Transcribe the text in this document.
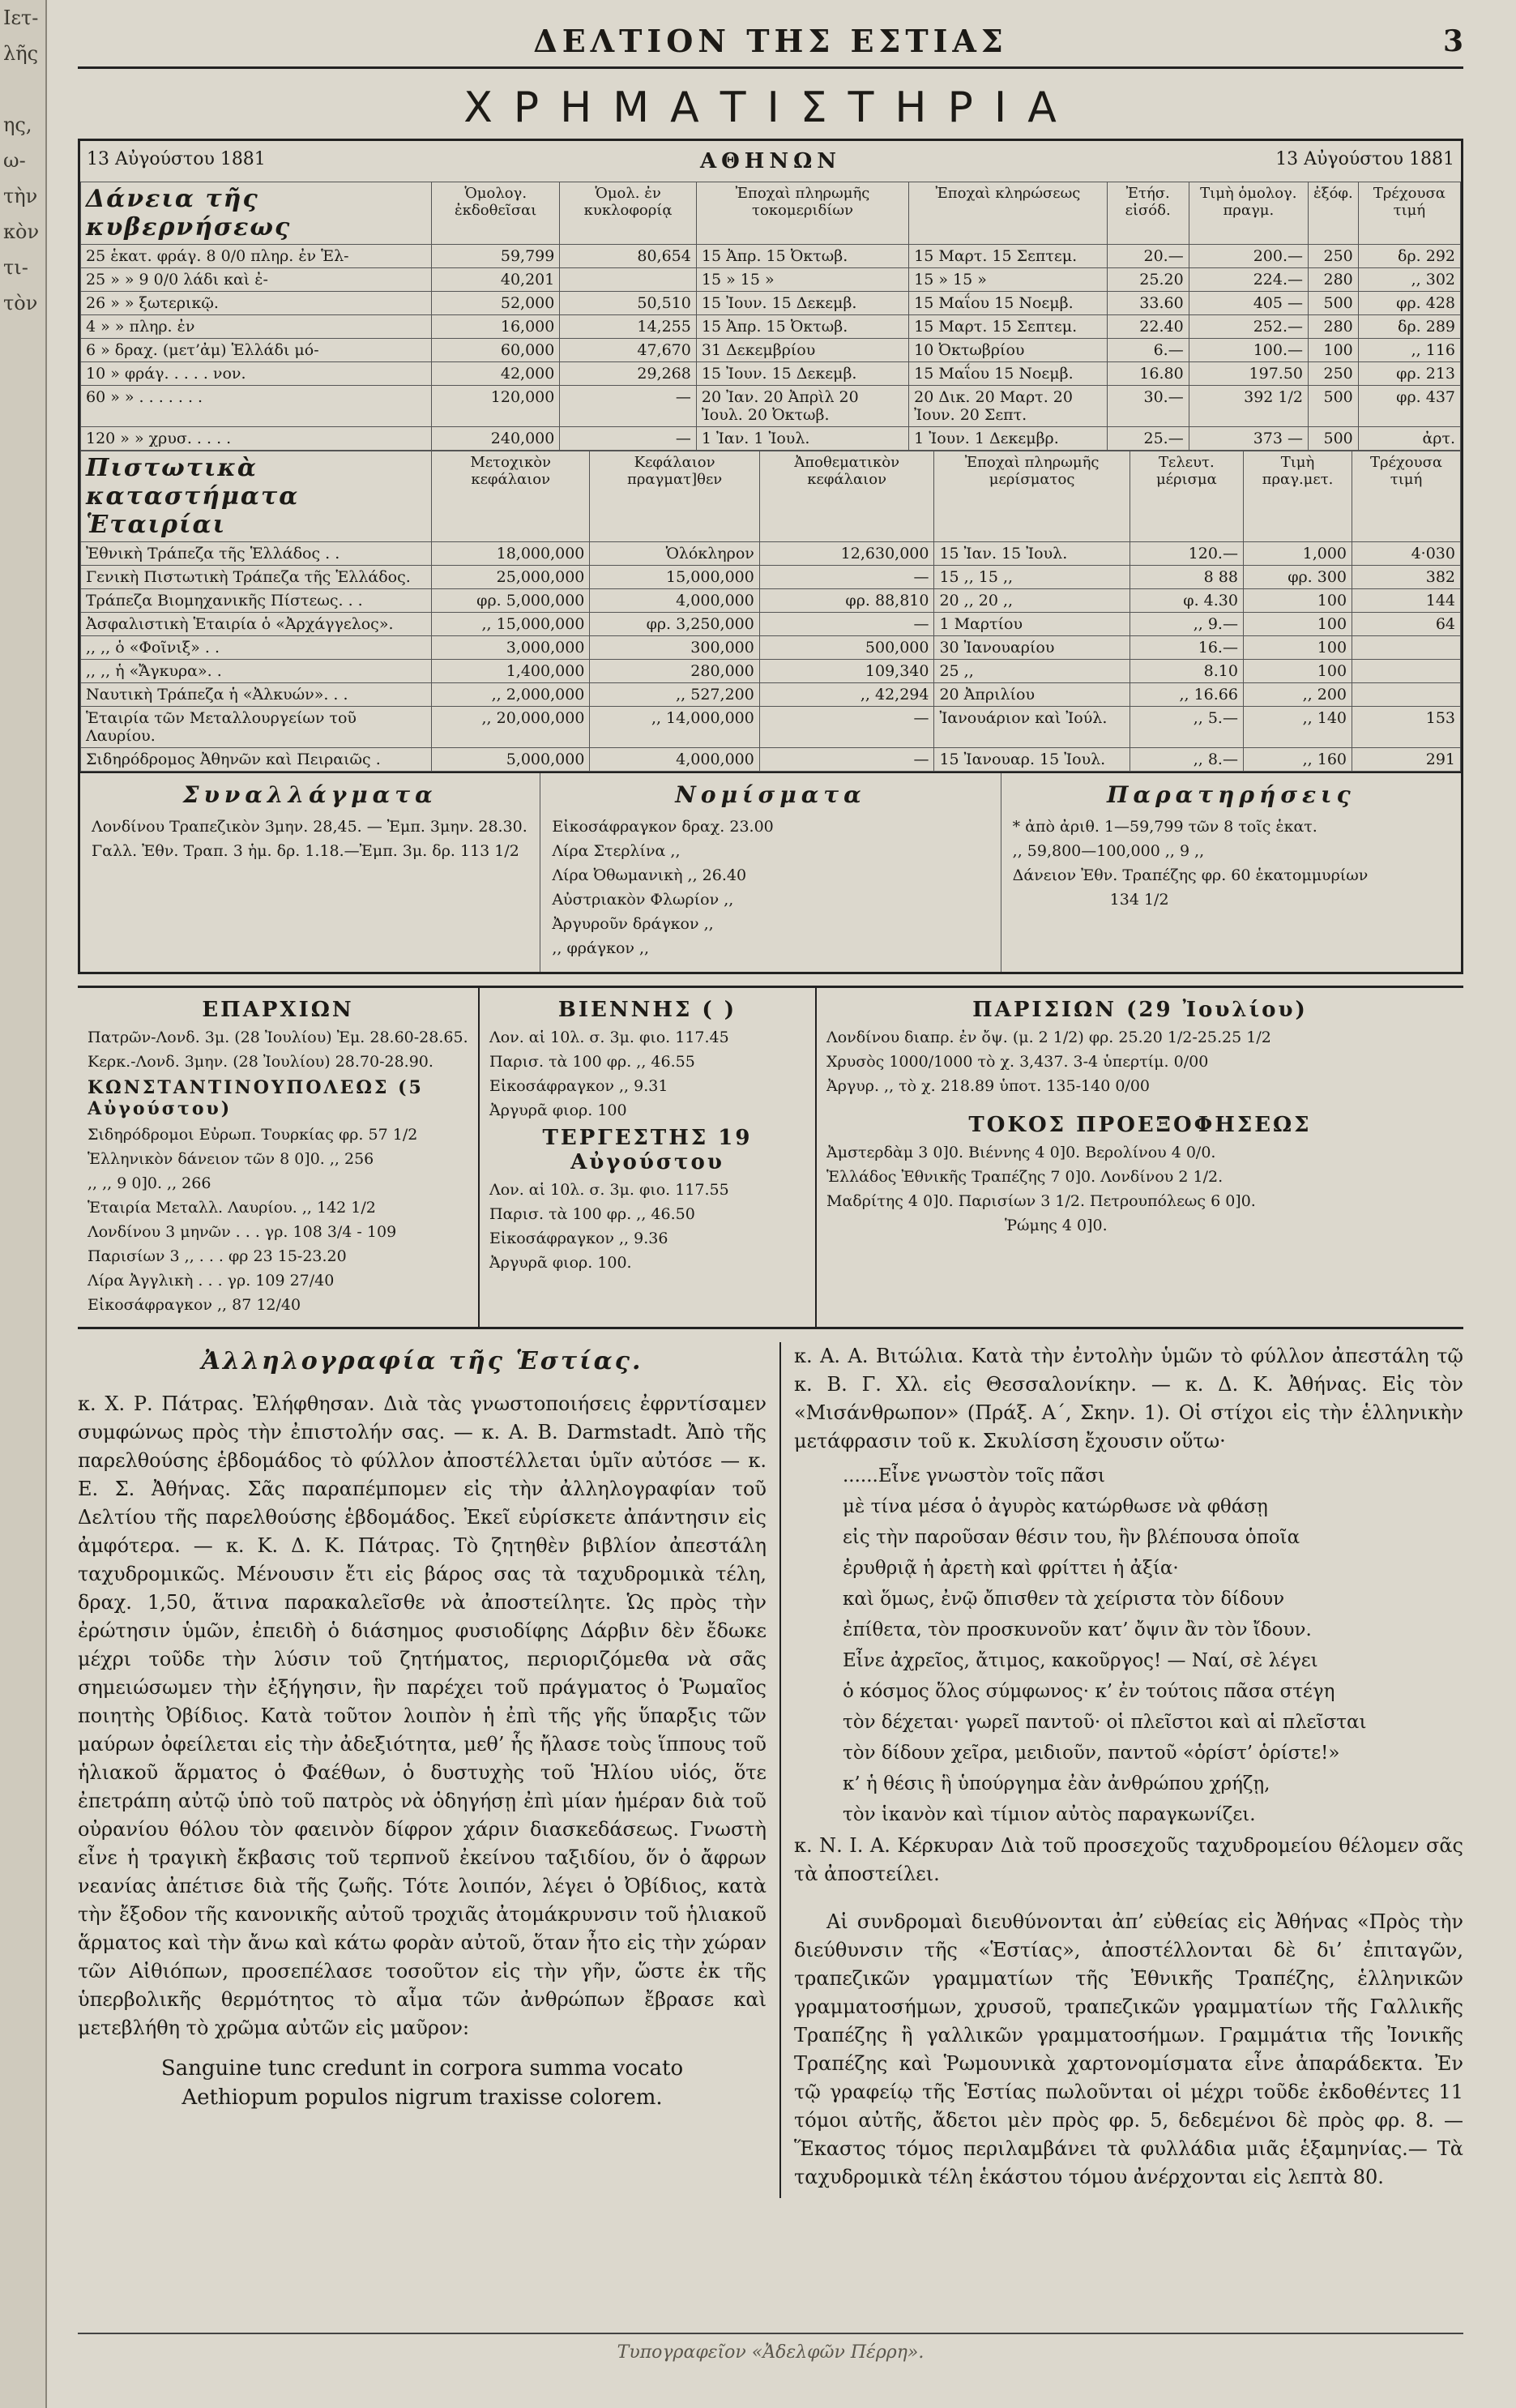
Ιετ-
λῆς

ης,
ω-
τὴν
κὸν
τι-
τὸν
ΔΕΛΤΙΟΝ ΤΗΣ ΕΣΤΙΑΣ	3
ΧΡΗΜΑΤΙΣΤΗΡΙΑ
13 Αὐγούστου 1881	ΑΘΗΝΩΝ	13 Αὐγούστου 1881
Δάνεια τῆς κυβερνήσεως	Ὁμολογ. ἐκδοθεῖσαι	Ὁμολ. ἐν κυκλοφορίᾳ	Ἐποχαὶ πληρωμῆς τοκομεριδίων	Ἐποχαὶ κληρώσεως	Ἐτήσ. εἰσόδ.	Τιμὴ ὁμολογ. πραγμ.	ἐξόφ.	Τρέχουσα τιμή
25 ἑκατ. φράγ. 8 0/0 πληρ. ἐν Ἑλ-	59,799	80,654	15 Ἀπρ. 15 Ὀκτωβ.	15 Μαρτ. 15 Σεπτεμ.	20.—	200.—	250	δρ. 292
25 » » 9 0/0 λάδι καὶ ἐ-	40,201		15 » 15 »	15 » 15 »	25.20	224.—	280	,, 302
26 » » ξωτερικῷ.	52,000	50,510	15 Ἰουν. 15 Δεκεμβ.	15 Μαΐου 15 Νοεμβ.	33.60	405 —	500	φρ. 428
4 » » πληρ. ἐν	16,000	14,255	15 Ἀπρ. 15 Ὀκτωβ.	15 Μαρτ. 15 Σεπτεμ.	22.40	252.—	280	δρ. 289
6 » δραχ. (μετ’ἀμ) Ἑλλάδι μό-	60,000	47,670	31 Δεκεμβρίου	10 Ὀκτωβρίου	6.—	100.—	100	,, 116
10 » φράγ. . . . . νον.	42,000	29,268	15 Ἰουν. 15 Δεκεμβ.	15 Μαΐου 15 Νοεμβ.	16.80	197.50	250	φρ. 213
60 » » . . . . . . .	120,000	—	20 Ἰαν. 20 Ἀπρὶλ 20 Ἰουλ. 20 Ὀκτωβ.	20 Δικ. 20 Μαρτ. 20 Ἰουν. 20 Σεπτ.	30.—	392 1/2	500	φρ. 437
120 » » χρυσ. . . . .	240,000	—	1 Ἰαν. 1 Ἰουλ.	1 Ἰουν. 1 Δεκεμβρ.	25.—	373 —	500	ἀρτ.
Πιστωτικὰ καταστήματα Ἑταιρίαι	Μετοχικὸν κεφάλαιον	Κεφάλαιον πραγματ]θεν	Ἀποθεματικὸν κεφάλαιον	Ἐποχαὶ πληρωμῆς μερίσματος	Τελευτ. μέρισμα	Τιμὴ πραγ.μετ.	Τρέχουσα τιμή
Ἐθνικὴ Τράπεζα τῆς Ἑλλάδος . .	18,000,000	Ὁλόκληρον	12,630,000	15 Ἰαν. 15 Ἰουλ.	120.—	1,000	4·030
Γενικὴ Πιστωτικὴ Τράπεζα τῆς Ἑλλάδος.	25,000,000	15,000,000	—	15 ,, 15 ,,	8 88	φρ. 300	382
Τράπεζα Βιομηχανικῆς Πίστεως. . .	φρ. 5,000,000	4,000,000	φρ. 88,810	20 ,, 20 ,,	φ. 4.30	100	144
Ἀσφαλιστικὴ Ἑταιρία ὁ «Ἀρχάγγελος».	,, 15,000,000	φρ. 3,250,000	—	1 Μαρτίου	,, 9.—	100	64
,, ,, ὁ «Φοῖνιξ» . .	3,000,000	300,000	500,000	30 Ἰανουαρίου	16.—	100	
,, ,, ἡ «Ἄγκυρα». .	1,400,000	280,000	109,340	25 ,,	8.10	100	
Ναυτικὴ Τράπεζα ἡ «Ἀλκυών». . .	,, 2,000,000	,, 527,200	,, 42,294	20 Ἀπριλίου	,, 16.66	,, 200	
Ἑταιρία τῶν Μεταλλουργείων τοῦ Λαυρίου.	,, 20,000,000	,, 14,000,000	—	Ἰανουάριον καὶ Ἰούλ.	,, 5.—	,, 140	153
Σιδηρόδρομος Ἀθηνῶν καὶ Πειραιῶς .	5,000,000	4,000,000	—	15 Ἰανουαρ. 15 Ἰουλ.	,, 8.—	,, 160	291
Συναλλάγματα
Λονδίνου Τραπεζικὸν 3μην. 28,45. — Ἐμπ. 3μην. 28.30.
Γαλλ. Ἐθν. Τραπ. 3 ἡμ. δρ. 1.18.—Ἐμπ. 3μ. δρ. 113 1/2
Νομίσματα
Εἰκοσάφραγκον δραχ. 23.00
Λίρα Στερλίνα ,,
Λίρα Ὀθωμανικὴ ,, 26.40
Αὐστριακὸν Φλωρίον ,,
Ἀργυροῦν δράγκον ,,
,, φράγκον ,,
Παρατηρήσεις
* ἀπὸ ἀριθ. 1—59,799 τῶν 8 τοῖς ἑκατ.
,, 59,800—100,000 ,, 9 ,,
Δάνειον Ἐθν. Τραπέζης φρ. 60 ἑκατομμυρίων
134 1/2
ΕΠΑΡΧΙΩΝ
Πατρῶν-Λονδ. 3μ. (28 Ἰουλίου) Ἐμ. 28.60-28.65.
Κερκ.-Λονδ. 3μην. (28 Ἰουλίου) 28.70-28.90.
ΚΩΝΣΤΑΝΤΙΝΟΥΠΟΛΕΩΣ (5 Αὐγούστου)
Σιδηρόδρομοι Εὐρωπ. Τουρκίας φρ. 57 1/2
Ἑλληνικὸν δάνειον τῶν 8 0]0. ,, 256
,, ,, 9 0]0. ,, 266
Ἑταιρία Μεταλλ. Λαυρίου. ,, 142 1/2
Λονδίνου 3 μηνῶν . . . γρ. 108 3/4 - 109
Παρισίων 3 ,, . . . φρ 23 15-23.20
Λίρα Ἀγγλικὴ . . . γρ. 109 27/40
Εἰκοσάφραγκον ,, 87 12/40
ΒΙΕΝΝΗΣ ( )
Λον. αἱ 10λ. σ. 3μ. φιο. 117.45
Παρισ. τὰ 100 φρ. ,, 46.55
Εἰκοσάφραγκον ,, 9.31
Ἀργυρᾶ φιορ. 100
ΤΕΡΓΕΣΤΗΣ 19 Αὐγούστου
Λον. αἱ 10λ. σ. 3μ. φιο. 117.55
Παρισ. τὰ 100 φρ. ,, 46.50
Εἰκοσάφραγκον ,, 9.36
Ἀργυρᾶ φιορ. 100.
ΠΑΡΙΣΙΩΝ (29 Ἰουλίου)
Λονδίνου διαπρ. ἐν ὄψ. (μ. 2 1/2) φρ. 25.20 1/2-25.25 1/2
Χρυσὸς 1000/1000 τὸ χ. 3,437. 3-4 ὑπερτίμ. 0/00
Ἀργυρ. ,, τὸ χ. 218.89 ὑποτ. 135-140 0/00
ΤΟΚΟΣ ΠΡΟΕΞΟΦΗΣΕΩΣ
Ἀμστερδὰμ 3 0]0. Βιέννης 4 0]0. Βερολίνου 4 0/0.
Ἑλλάδος Ἐθνικῆς Τραπέζης 7 0]0. Λονδίνου 2 1/2.
Μαδρίτης 4 0]0. Παρισίων 3 1/2. Πετρουπόλεως 6 0]0.
Ῥώμης 4 0]0.
Ἀλληλογραφία τῆς Ἑστίας.

κ. Χ. Ρ. Πάτρας. Ἐλήφθησαν. Διὰ τὰς γνωστοποιήσεις ἐφρντίσαμεν συμφώνως πρὸς τὴν ἐπιστολήν σας. — κ. Α. Β. Darmstadt. Ἀπὸ τῆς παρελθούσης ἑβδομάδος τὸ φύλλον ἀποστέλλεται ὑμῖν αὐτόσε — κ. Ε. Σ. Ἀθήνας. Σᾶς παραπέμπομεν εἰς τὴν ἀλληλογραφίαν τοῦ Δελτίου τῆς παρελθούσης ἑβδομάδος. Ἐκεῖ εὑρίσκετε ἀπάντησιν εἰς ἀμφότερα. — κ. Κ. Δ. Κ. Πάτρας. Τὸ ζητηθὲν βιβλίον ἀπεστάλη ταχυδρομικῶς. Μένουσιν ἔτι εἰς βάρος σας τὰ ταχυδρομικὰ τέλη, δραχ. 1,50, ἅτινα παρακαλεῖσθε νὰ ἀποστείλητε. Ὡς πρὸς τὴν ἐρώτησιν ὑμῶν, ἐπειδὴ ὁ διάσημος φυσιοδίφης Δάρβιν δὲν ἔδωκε μέχρι τοῦδε τὴν λύσιν τοῦ ζητήματος, περιοριζόμεθα νὰ σᾶς σημειώσωμεν τὴν ἐξήγησιν, ἣν παρέχει τοῦ πράγματος ὁ Ῥωμαῖος ποιητὴς Ὀβίδιος. Κατὰ τοῦτον λοιπὸν ἡ ἐπὶ τῆς γῆς ὕπαρξις τῶν μαύρων ὀφείλεται εἰς τὴν ἀδεξιότητα, μεθ’ ἧς ἤλασε τοὺς ἵππους τοῦ ἡλιακοῦ ἅρματος ὁ Φαέθων, ὁ δυστυχὴς τοῦ Ἡλίου υἱός, ὅτε ἐπετράπη αὐτῷ ὑπὸ τοῦ πατρὸς νὰ ὁδηγήσῃ ἐπὶ μίαν ἡμέραν διὰ τοῦ οὐρανίου θόλου τὸν φαεινὸν δίφρον χάριν διασκεδάσεως. Γνωστὴ εἶνε ἡ τραγικὴ ἔκβασις τοῦ τερπνοῦ ἐκείνου ταξιδίου, ὅν ὁ ἄφρων νεανίας ἀπέτισε διὰ τῆς ζωῆς. Τότε λοιπόν, λέγει ὁ Ὀβίδιος, κατὰ τὴν ἔξοδον τῆς κανονικῆς αὐτοῦ τροχιᾶς ἀτομάκρυνσιν τοῦ ἡλιακοῦ ἅρματος καὶ τὴν ἄνω καὶ κάτω φορὰν αὐτοῦ, ὅταν ἦτο εἰς τὴν χώραν τῶν Αἰθιόπων, προσεπέλασε τοσοῦτον εἰς τὴν γῆν, ὥστε ἐκ τῆς ὑπερβολικῆς θερμότητος τὸ αἷμα τῶν ἀνθρώπων ἔβρασε καὶ μετεβλήθη τὸ χρῶμα αὐτῶν εἰς μαῦρον:

Sanguine tunc credunt in corpora summa vocato
Aethiopum populos nigrum traxisse colorem.

κ. Α. Α. Βιτώλια. Κατὰ τὴν ἐντολὴν ὑμῶν τὸ φύλλον ἀπεστάλη τῷ κ. Β. Γ. Χλ. εἰς Θεσσαλονίκην. — κ. Δ. Κ. Ἀθήνας. Εἰς τὸν «Μισάνθρωπον» (Πράξ. Α΄, Σκην. 1). Οἱ στίχοι εἰς τὴν ἑλληνικὴν μετάφρασιν τοῦ κ. Σκυλίσση ἔχουσιν οὕτω·

......Εἶνε γνωστὸν τοῖς πᾶσι
μὲ τίνα μέσα ὁ ἀγυρὸς κατώρθωσε νὰ φθάσῃ
εἰς τὴν παροῦσαν θέσιν του, ἣν βλέπουσα ὁποῖα
ἐρυθριᾷ ἡ ἀρετὴ καὶ φρίττει ἡ ἀξία·
καὶ ὅμως, ἐνῷ ὄπισθεν τὰ χείριστα τὸν δίδουν
ἐπίθετα, τὸν προσκυνοῦν κατ’ ὄψιν ἂν τὸν ἴδουν.
Εἶνε ἀχρεῖος, ἄτιμος, κακοῦργος! — Ναί, σὲ λέγει
ὁ κόσμος ὅλος σύμφωνος· κ’ ἐν τούτοις πᾶσα στέγη
τὸν δέχεται· γωρεῖ παντοῦ· οἱ πλεῖστοι καὶ αἱ πλεῖσται
τὸν δίδουν χεῖρα, μειδιοῦν, παντοῦ «ὁρίστ’ ὁρίστε!»
κ’ ἡ θέσις ἣ ὑπούργημα ἐὰν ἀνθρώπου χρήζῃ,
τὸν ἱκανὸν καὶ τίμιον αὐτὸς παραγκωνίζει.

κ. Ν. Ι. Α. Κέρκυραν Διὰ τοῦ προσεχοῦς ταχυδρομείου θέλομεν σᾶς τὰ ἀποστείλει.

Αἱ συνδρομαὶ διευθύνονται ἀπ’ εὐθείας εἰς Ἀθήνας «Πρὸς τὴν διεύθυνσιν τῆς «Ἑστίας», ἀποστέλλονται δὲ δι’ ἐπιταγῶν, τραπεζικῶν γραμματίων τῆς Ἐθνικῆς Τραπέζης, ἑλληνικῶν γραμματοσήμων, χρυσοῦ, τραπεζικῶν γραμματίων τῆς Γαλλικῆς Τραπέζης ἢ γαλλικῶν γραμματοσήμων. Γραμμάτια τῆς Ἰονικῆς Τραπέζης καὶ Ῥωμουνικὰ χαρτονομίσματα εἶνε ἀπαράδεκτα. Ἐν τῷ γραφείῳ τῆς Ἑστίας πωλοῦνται οἱ μέχρι τοῦδε ἐκδοθέντες 11 τόμοι αὐτῆς, ἄδετοι μὲν πρὸς φρ. 5, δεδεμένοι δὲ πρὸς φρ. 8. — Ἕκαστος τόμος περιλαμβάνει τὰ φυλλάδια μιᾶς ἑξαμηνίας.— Τὰ ταχυδρομικὰ τέλη ἑκάστου τόμου ἀνέρχονται εἰς λεπτὰ 80.

Τυπογραφεῖον «Ἀδελφῶν Πέρρη».
